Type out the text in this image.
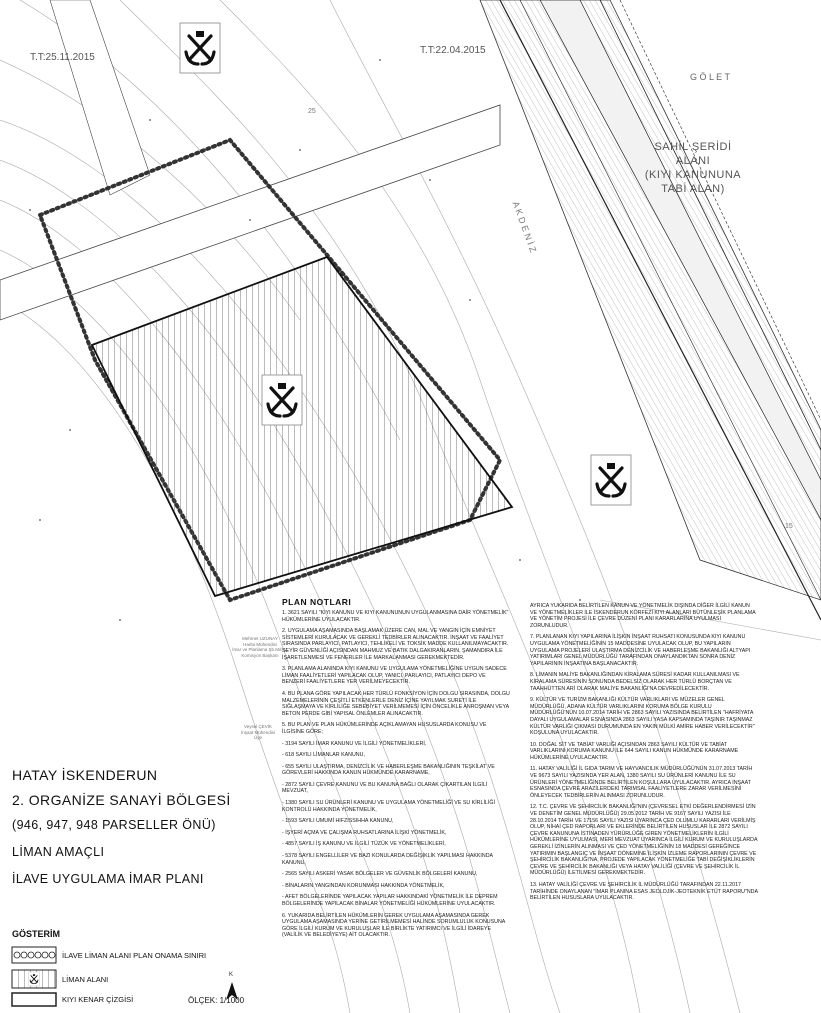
T.T:25.11.2015
T.T:22.04.2015
G Ö L E T
25
15
A K D E N İ Z
SAHİL ŞERİDİ
ALANI
(KIYI KANUNUNA
TABİ ALAN)
Mehmet UZUNAY
Harita Mühendisi
İmar ve Planlama Şb.Md. V.
Komisyon Başkanı
Veysel ÇEVİK
İnşaat Mühendisi
Üye
PLAN NOTLARI

1. 3621 SAYILI "KIYI KANUNU VE KIYI KANUNUNUN UYGULANMASINA DAİR YÖNETMELİK" HÜKÜMLERİNE UYULACAKTIR.

2. UYGULAMA AŞAMASINDA BAŞLAMAK ÜZERE CAN, MAL VE YANGIN İÇİN EMNİYET SİSTEMLERİ KURULACAK VE GEREKLİ TEDBİRLER ALINACAKTIR. İNŞAAT VE FAALİYET SIRASINDA PARLAYICI, PATLAYICI, TEHLİKELİ VE TOKSİK MADDE KULLANILMAYACAKTIR. SEYİR GÜVENLİĞİ AÇISINDAN MAHMUZ VE BATIK DALGAKIRANLARIN, ŞAMANDIRA İLE İŞARETLENMESİ VE FENERLER İLE MARKALANMASI GEREKMEKTEDİR.

3. PLANLAMA ALANINDA KIYI KANUNU VE UYGULAMA YÖNETMELİĞİNE UYGUN SADECE LİMAN FAALİYETLERİ YAPILACAK OLUP, YANICI, PARLAYICI, PATLAYICI DEPO VE BENZERİ FAALİYETLERE YER VERİLMEYECEKTİR.

4. BU PLANA GÖRE YAPILACAK HER TÜRLÜ FONKSİYON İÇİN DOLGU SIRASINDA, DOLGU MALZEMELERİNİN ÇEŞİTLİ ETKENLERLE DENİZ İÇİNE YAYILMAK SURETİ İLE SIĞLAŞMAYA VE KİRLİLİĞE SEBEBİYET VERİLMEMESİ İÇİN ÖNCELİKLE ANROŞMAN VEYA BETON PERDE GİBİ YAPISAL ÖNLEMLER ALINACAKTIR.

5. BU PLAN VE PLAN HÜKÜMLERİNDE AÇIKLAMAYAN HUSUSLARDA KONUSU VE İLGİSİNE GÖRE;

- 3194 SAYILI İMAR KANUNU VE İLGİLİ YÖNETMELİKLERİ,

- 618 SAYILI LİMANLAR KANUNU,

- 655 SAYILI ULAŞTIRMA, DENİZCİLİK VE HABERLEŞME BAKANLIĞININ TEŞKİLAT VE GÖREVLERİ HAKKINDA KANUN HÜKMÜNDE KARARNAME,

- 2872 SAYILI ÇEVRE KANUNU VE BU KANUNA BAĞLI OLARAK ÇIKARTILAN İLGİLİ MEVZUAT,

- 1380 SAYILI SU ÜRÜNLERİ KANUNU VE UYGULAMA YÖNETMELİĞİ VE SU KİRLİLİĞİ KONTROLÜ HAKKINDA YÖNETMELİK,

- 1593 SAYILI UMUMİ HIFZISSIHHA KANUNU,

- İŞYERİ AÇMA VE ÇALIŞMA RUHSATLARINA İLİŞKİ YÖNETMELİK,

- 4857 SAYILI İŞ KANUNU VE İLGİLİ TÜZÜK VE YÖNETMELİKLERİ,

- 5378 SAYILI ENGELLİLER VE BAZI KONULARDA DEĞİŞİKLİK YAPILMASI HAKKINDA KANUNU,

- 2565 SAYILI ASKERİ YASAK BÖLGELER VE GÜVENLİK BÖLGELERİ KANUNU,

- BİNALARIN YANGINDAN KORUNMASI HAKKINDA YÖNETMELİK,

- AFET BÖLGELERİNDE YAPILACAK YAPILAR HAKKINDAKİ YÖNETMELİK İLE DEPREM BÖLGELERİNDE YAPILACAK BİNALAR YÖNETMELİĞİ HÜKÜMLERİNE UYULACAKTIR.

6. YUKARIDA BELİRTİLEN HÜKÜMLERİN GEREK UYGULAMA AŞAMASINDA GEREK UYGULAMA AŞAMASINDA YERİNE GETİRİLMEMESİ HALİNDE SORUMLULUK KONUSUNA GÖRE İLGİLİ KURUM VE KURULUŞLAR İLE BİRLİKTE YATIRIMCI VE İLGİLİ İDAREYE (VALİLİK VE BELEDİYEYE) AİT OLACAKTIR.

AYRICA YUKARIDA BELİRTİLEN KANUN VE YÖNETMELİK DIŞINDA DİĞER İLGİLİ KANUN VE YÖNETMELİKLER İLE İSKENDERUN KÖRFEZİ KIYI ALANLARI BÜTÜNLEŞİK PLANLAMA VE YÖNETİM PROJESİ İLE ÇEVRE DÜZENİ PLANI KARARLARINA UYULMASI ZORUNLUDUR.

7. PLANLANAN KIYI YAPILARINA İLİŞKİN İNŞAAT RUHSATI KONUSUNDA KIYI KANUNU UYGULAMA YÖNETMELİĞİNİN 15 MADDESİNE UYULACAK OLUP, BU YAPILARIN UYGULAMA PROJELERİ ULAŞTIRMA DENİZCİLİK VE HABERLEŞME BAKANLIĞI ALTYAPI YATIRIMLARI GENEL MÜDÜRLÜĞÜ TARAFINDAN ONAYLANDIKTAN SONRA DENİZ YAPILARININ İNŞAATINA BAŞLANACAKTIR.

8. LİMANIN MALİYE BAKANLIĞINDAN KİRALAMA SÜRESİ KADAR KULLANILMASI VE KİRALAMA SÜRESİNİN SONUNDA BEDELSİZ OLARAK HER TÜRLÜ BORÇTAN VE TAAHHÜTTEN ARİ OLARAK MALİYE BAKANLIĞI'NA DEVREDİLECEKTİR.

9. KÜLTÜR VE TURİZM BAKANLIĞI KÜLTÜR VARLIKLARI VE MÜZELER GENEL MÜDÜRLÜĞÜ, ADANA KÜLTÜR VARLIKLARINI KORUMA BÖLGE KURULU MÜDÜRLÜĞÜ'NÜN 10.07.2014 TARİH VE 2863 SAYILI YAZISINDA BELİRTİLEN "HAFRİYATA DAYALI UYGULAMALAR ESNASINDA 2863 SAYILI YASA KAPSAMINDA TAŞINIR TAŞINMAZ KÜLTÜR VARLIĞI ÇIKMASI DURUMUNDA EN YAKIN MÜLKİ AMİRE HABER VERİLECEKTİR" KOŞULUNA UYULACAKTIR.

10. DOĞAL SİT VE TABİAT VARLIĞI AÇISINDAN 2863 SAYILI KÜLTÜR VE TABİAT VARLIKLARINI KORUMA KANUNU İLE 644 SAYILI KANUN HÜKMÜNDE KARARNAME HÜKÜMLERİNE UYULACAKTIR.

11. HATAY VALİLİĞİ İL GIDA TARIM VE HAYVANCILIK MÜDÜRLÜĞÜ'NÜN 31.07.2013 TARİH VE 9673 SAYILI YAZISINDA YER ALAN, 1380 SAYILI SU ÜRÜNLERİ KANUNU İLE SU ÜRÜNLERİ YÖNETMELİĞİNDE BELİRTİLEN KOŞULLARA UYULACAKTIR. AYRICA İNŞAAT ESNASINDA ÇEVRE ARAZİLERDEKİ TARIMSAL FAALİYETLERE ZARAR VERİLMESİNİ ÖNLEYECEK TEDBİRLERİN ALINMASI ZORUNLUDUR.

12. T.C. ÇEVRE VE ŞEHİRCİLİK BAKANLIĞI'NIN (ÇEVRESEL ETKİ DEĞERLENDİRMESİ İZİN VE DENETİM GENEL MÜDÜRLÜĞÜ) 29.05.2012 TARİH VE 9167 SAYILI YAZISI İLE 28.10.2014 TARİH VE 17156 SAYILI YAZISI UYARINCA ÇED OLUMLU KARARLARI VERİLMİŞ OLUP, NİHAİ ÇED RAPORLARI VE EKLERİNDE BELİRTİLEN HUSUSLAR İLE 2872 SAYILI ÇEVRE KANUNUNA İSTİNADEN YÜRÜRLÜĞE GİREN YÖNETMELİKLERİN İLGİLİ HÜKÜMLERİNE UYULMASI, MERİ MEVZUAT UYARINCA İLGİLİ KURUM VE KURULUŞLARDA GEREKLİ İZİNLERİN ALINMASI VE ÇED YÖNETMELİĞİNİN 18 MADDESİ GEREĞİNCE YATIRIMIN BAŞLANGIÇ VE İNŞAAT DÖNEMİNE İLİŞKİN İZLEME RAPORLARININ ÇEVRE VE ŞEHİRCİLİK BAKANLIĞI'NA, PROJEDE YAPILACAK YÖNETMELİĞE TABİ DEĞİŞİKLİKLERİN ÇEVRE VE ŞEHİRCİLİK BAKANLIĞI VEYA HATAY VALİLİĞİ (ÇEVRE VE ŞEHİRCİLİK İL MÜDÜRLÜĞÜ) İLETİLMESİ GEREKMEKTEDİR.

13. HATAY VALİLİĞİ ÇEVRE VE ŞEHİRCİLİK İL MÜDÜRLÜĞÜ TARAFINDAN 22.11.2017 TARİHİNDE ONAYLANAN "İMAR PLANINA ESAS JEOLOJİK-JEOTEKNİK ETÜT RAPORU"NDA BELİRTİLEN HUSUSLARA UYULACAKTIR.

HATAY İSKENDERUN
2. ORGANİZE SANAYİ BÖLGESİ
(946, 947, 948 PARSELLER ÖNÜ)
LİMAN AMAÇLI
İLAVE UYGULAMA İMAR PLANI
GÖSTERİM
İLAVE LİMAN ALANI PLAN ONAMA SINIRI
LİMAN ALANI
KIYI KENAR ÇİZGİSİ
K
ÖLÇEK: 1/1000
